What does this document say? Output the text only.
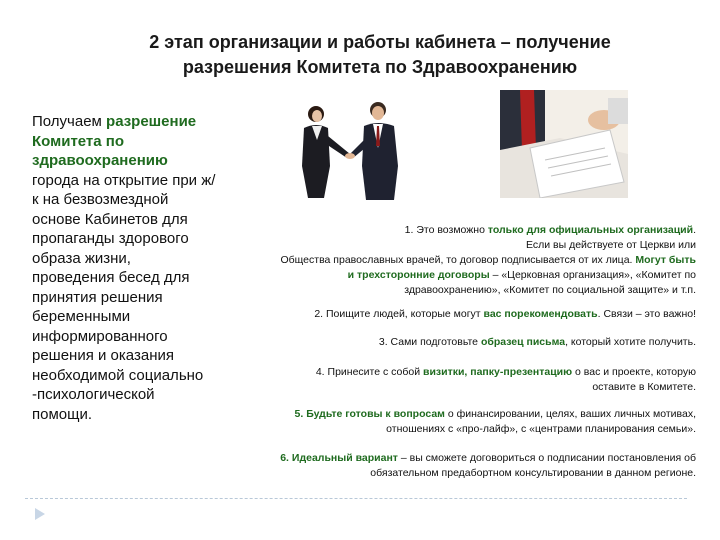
2 этап организации и работы кабинета – получение
разрешения Комитета по Здравоохранению
Получаем разрешение Комитета по здравоохранению города на открытие при ж/к на безвозмездной основе Кабинетов для пропаганды здорового образа жизни, проведения бесед для принятия решения беременными информированного решения и оказания необходимой социально -психологической помощи.
1. Это возможно только для официальных организаций.
Если вы действуете от Церкви или
Общества православных врачей, то договор подписывается от их лица. Могут быть
и трехсторонние договоры – «Церковная организация», «Комитет по
здравоохранению», «Комитет по социальной защите» и т.п.
2. Поищите людей, которые могут вас порекомендовать. Связи – это важно!
3. Сами подготовьте образец письма, который хотите получить.
4. Принесите с собой визитки, папку-презентацию о вас и проекте, которую
оставите в Комитете.
5. Будьте готовы к вопросам о финансировании, целях, ваших личных мотивах,
отношениях с «про-лайф», с «центрами планирования семьи».
6. Идеальный вариант – вы сможете договориться о подписании постановления об
обязательном предабортном консультировании в данном регионе.
